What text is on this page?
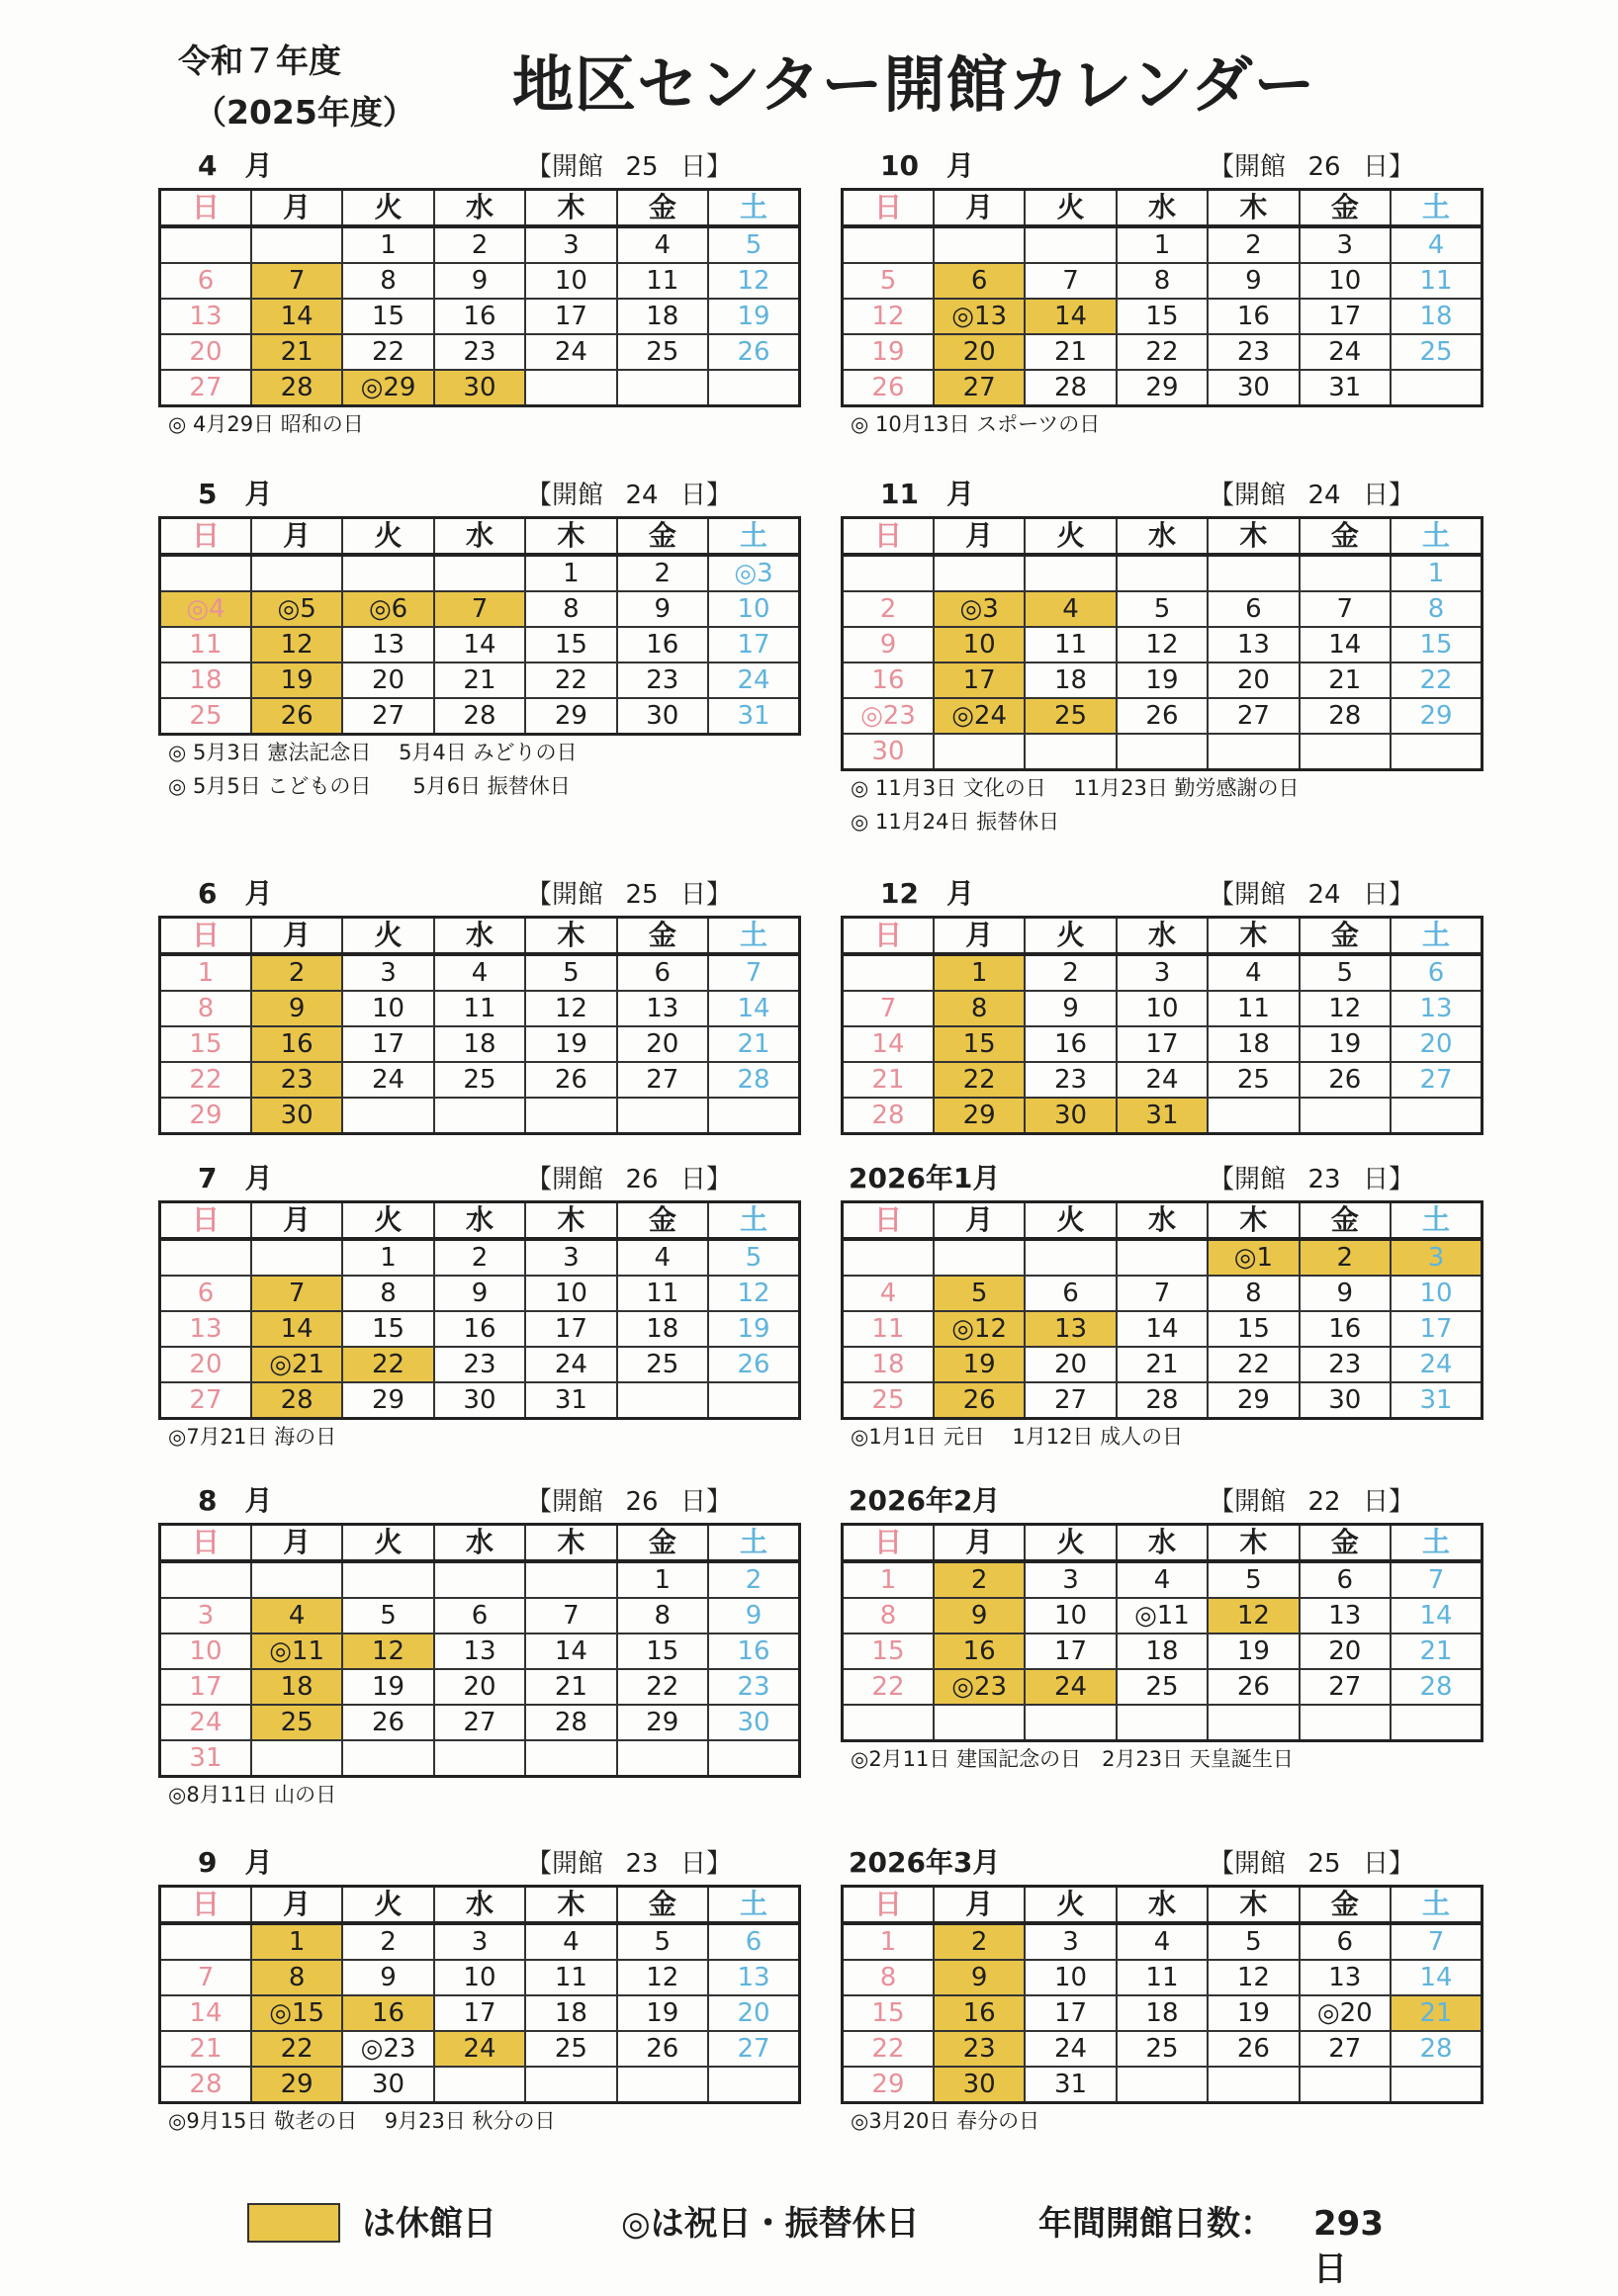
令和７年度
（2025年度） 地区センター開館カレンダー
4　月	【開館 25 日】
日	月	火	水	木	金	土
		1	2	3	4	5
6	7	8	9	10	11	12
13	14	15	16	17	18	19
20	21	22	23	24	25	26
27	28	◎29	30			
◎ 4月29日 昭和の日
10　月	【開館 26 日】
日	月	火	水	木	金	土
			1	2	3	4
5	6	7	8	9	10	11
12	◎13	14	15	16	17	18
19	20	21	22	23	24	25
26	27	28	29	30	31	
◎ 10月13日 スポーツの日
5　月	【開館 24 日】
日	月	火	水	木	金	土
				1	2	◎3
◎4	◎5	◎6	7	8	9	10
11	12	13	14	15	16	17
18	19	20	21	22	23	24
25	26	27	28	29	30	31
◎ 5月3日 憲法記念日　 5月4日 みどりの日
◎ 5月5日 こどもの日　　5月6日 振替休日
11　月	【開館 24 日】
日	月	火	水	木	金	土
						1
2	◎3	4	5	6	7	8
9	10	11	12	13	14	15
16	17	18	19	20	21	22
◎23	◎24	25	26	27	28	29
30						
◎ 11月3日 文化の日　 11月23日 勤労感謝の日
◎ 11月24日 振替休日
6　月	【開館 25 日】
日	月	火	水	木	金	土
1	2	3	4	5	6	7
8	9	10	11	12	13	14
15	16	17	18	19	20	21
22	23	24	25	26	27	28
29	30					
12　月	【開館 24 日】
日	月	火	水	木	金	土
	1	2	3	4	5	6
7	8	9	10	11	12	13
14	15	16	17	18	19	20
21	22	23	24	25	26	27
28	29	30	31			
7　月	【開館 26 日】
日	月	火	水	木	金	土
		1	2	3	4	5
6	7	8	9	10	11	12
13	14	15	16	17	18	19
20	◎21	22	23	24	25	26
27	28	29	30	31		
◎7月21日 海の日
2026年1月	【開館 23 日】
日	月	火	水	木	金	土
				◎1	2	3
4	5	6	7	8	9	10
11	◎12	13	14	15	16	17
18	19	20	21	22	23	24
25	26	27	28	29	30	31
◎1月1日 元日　 1月12日 成人の日
8　月	【開館 26 日】
日	月	火	水	木	金	土
					1	2
3	4	5	6	7	8	9
10	◎11	12	13	14	15	16
17	18	19	20	21	22	23
24	25	26	27	28	29	30
31						
◎8月11日 山の日
2026年2月	【開館 22 日】
日	月	火	水	木	金	土
1	2	3	4	5	6	7
8	9	10	◎11	12	13	14
15	16	17	18	19	20	21
22	◎23	24	25	26	27	28

◎2月11日 建国記念の日　2月23日 天皇誕生日
9　月	【開館 23 日】
日	月	火	水	木	金	土
	1	2	3	4	5	6
7	8	9	10	11	12	13
14	◎15	16	17	18	19	20
21	22	◎23	24	25	26	27
28	29	30				
◎9月15日 敬老の日　 9月23日 秋分の日
2026年3月	【開館 25 日】
日	月	火	水	木	金	土
1	2	3	4	5	6	7
8	9	10	11	12	13	14
15	16	17	18	19	◎20	21
22	23	24	25	26	27	28
29	30	31				
◎3月20日 春分の日
は休館日	◎は祝日・振替休日	年間開館日数： 293　日
